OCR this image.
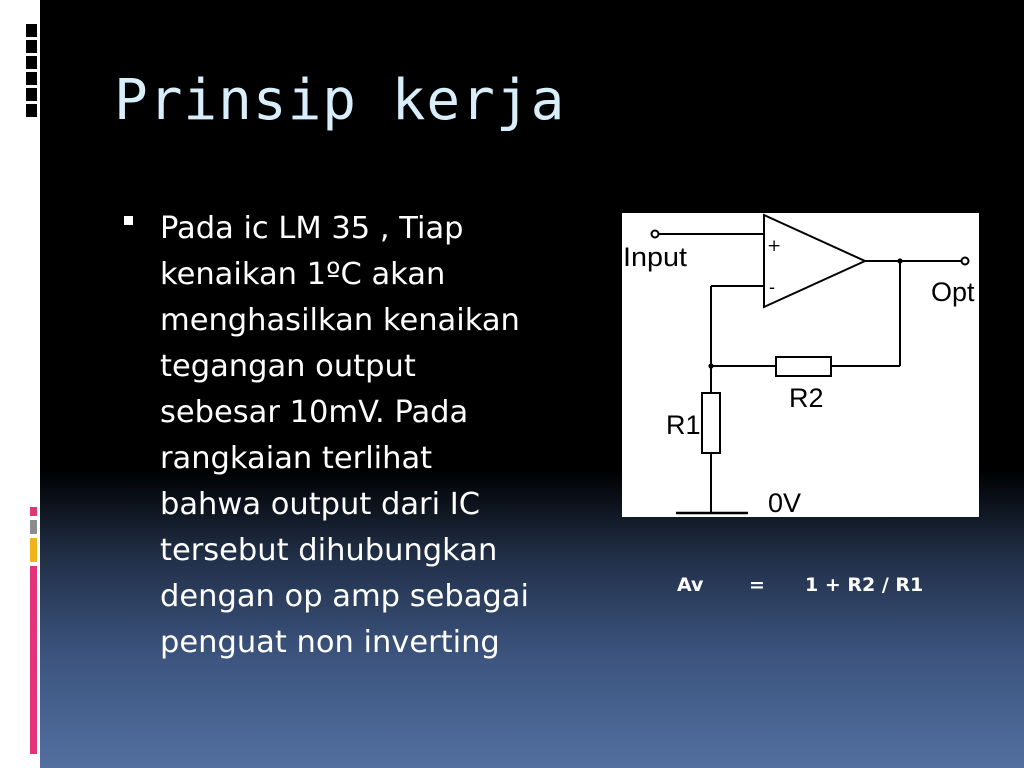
Prinsip kerja
Pada ic LM 35 , Tiap
kenaikan 1ºC akan
menghasilkan kenaikan
tegangan output
sebesar 10mV. Pada
rangkaian terlihat
bahwa output dari IC
tersebut dihubungkan
dengan op amp sebagai
penguat non inverting
Input
Opt
+
-
R2
R1
0V
Av = 1 + R2 / R1
